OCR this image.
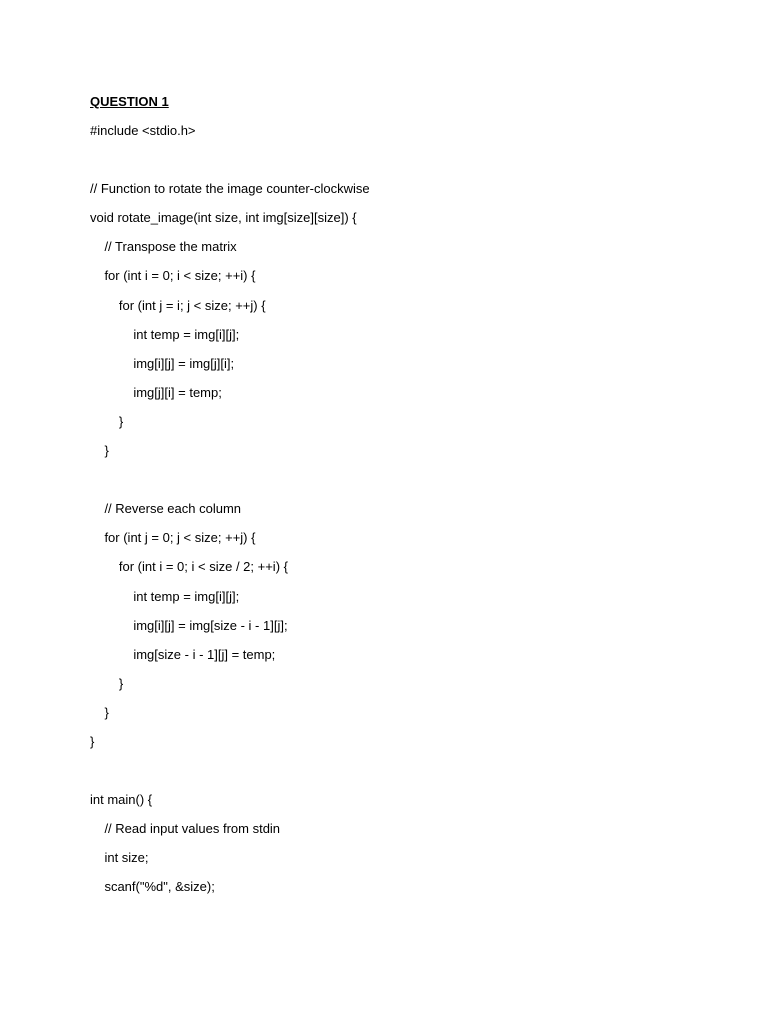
QUESTION 1
#include <stdio.h>
// Function to rotate the image counter-clockwise
void rotate_image(int size, int img[size][size]) {
// Transpose the matrix
for (int i = 0; i < size; ++i) {
for (int j = i; j < size; ++j) {
int temp = img[i][j];
img[i][j] = img[j][i];
img[j][i] = temp;
}
}
// Reverse each column
for (int j = 0; j < size; ++j) {
for (int i = 0; i < size / 2; ++i) {
int temp = img[i][j];
img[i][j] = img[size - i - 1][j];
img[size - i - 1][j] = temp;
}
}
}
int main() {
// Read input values from stdin
int size;
scanf("%d", &size);
